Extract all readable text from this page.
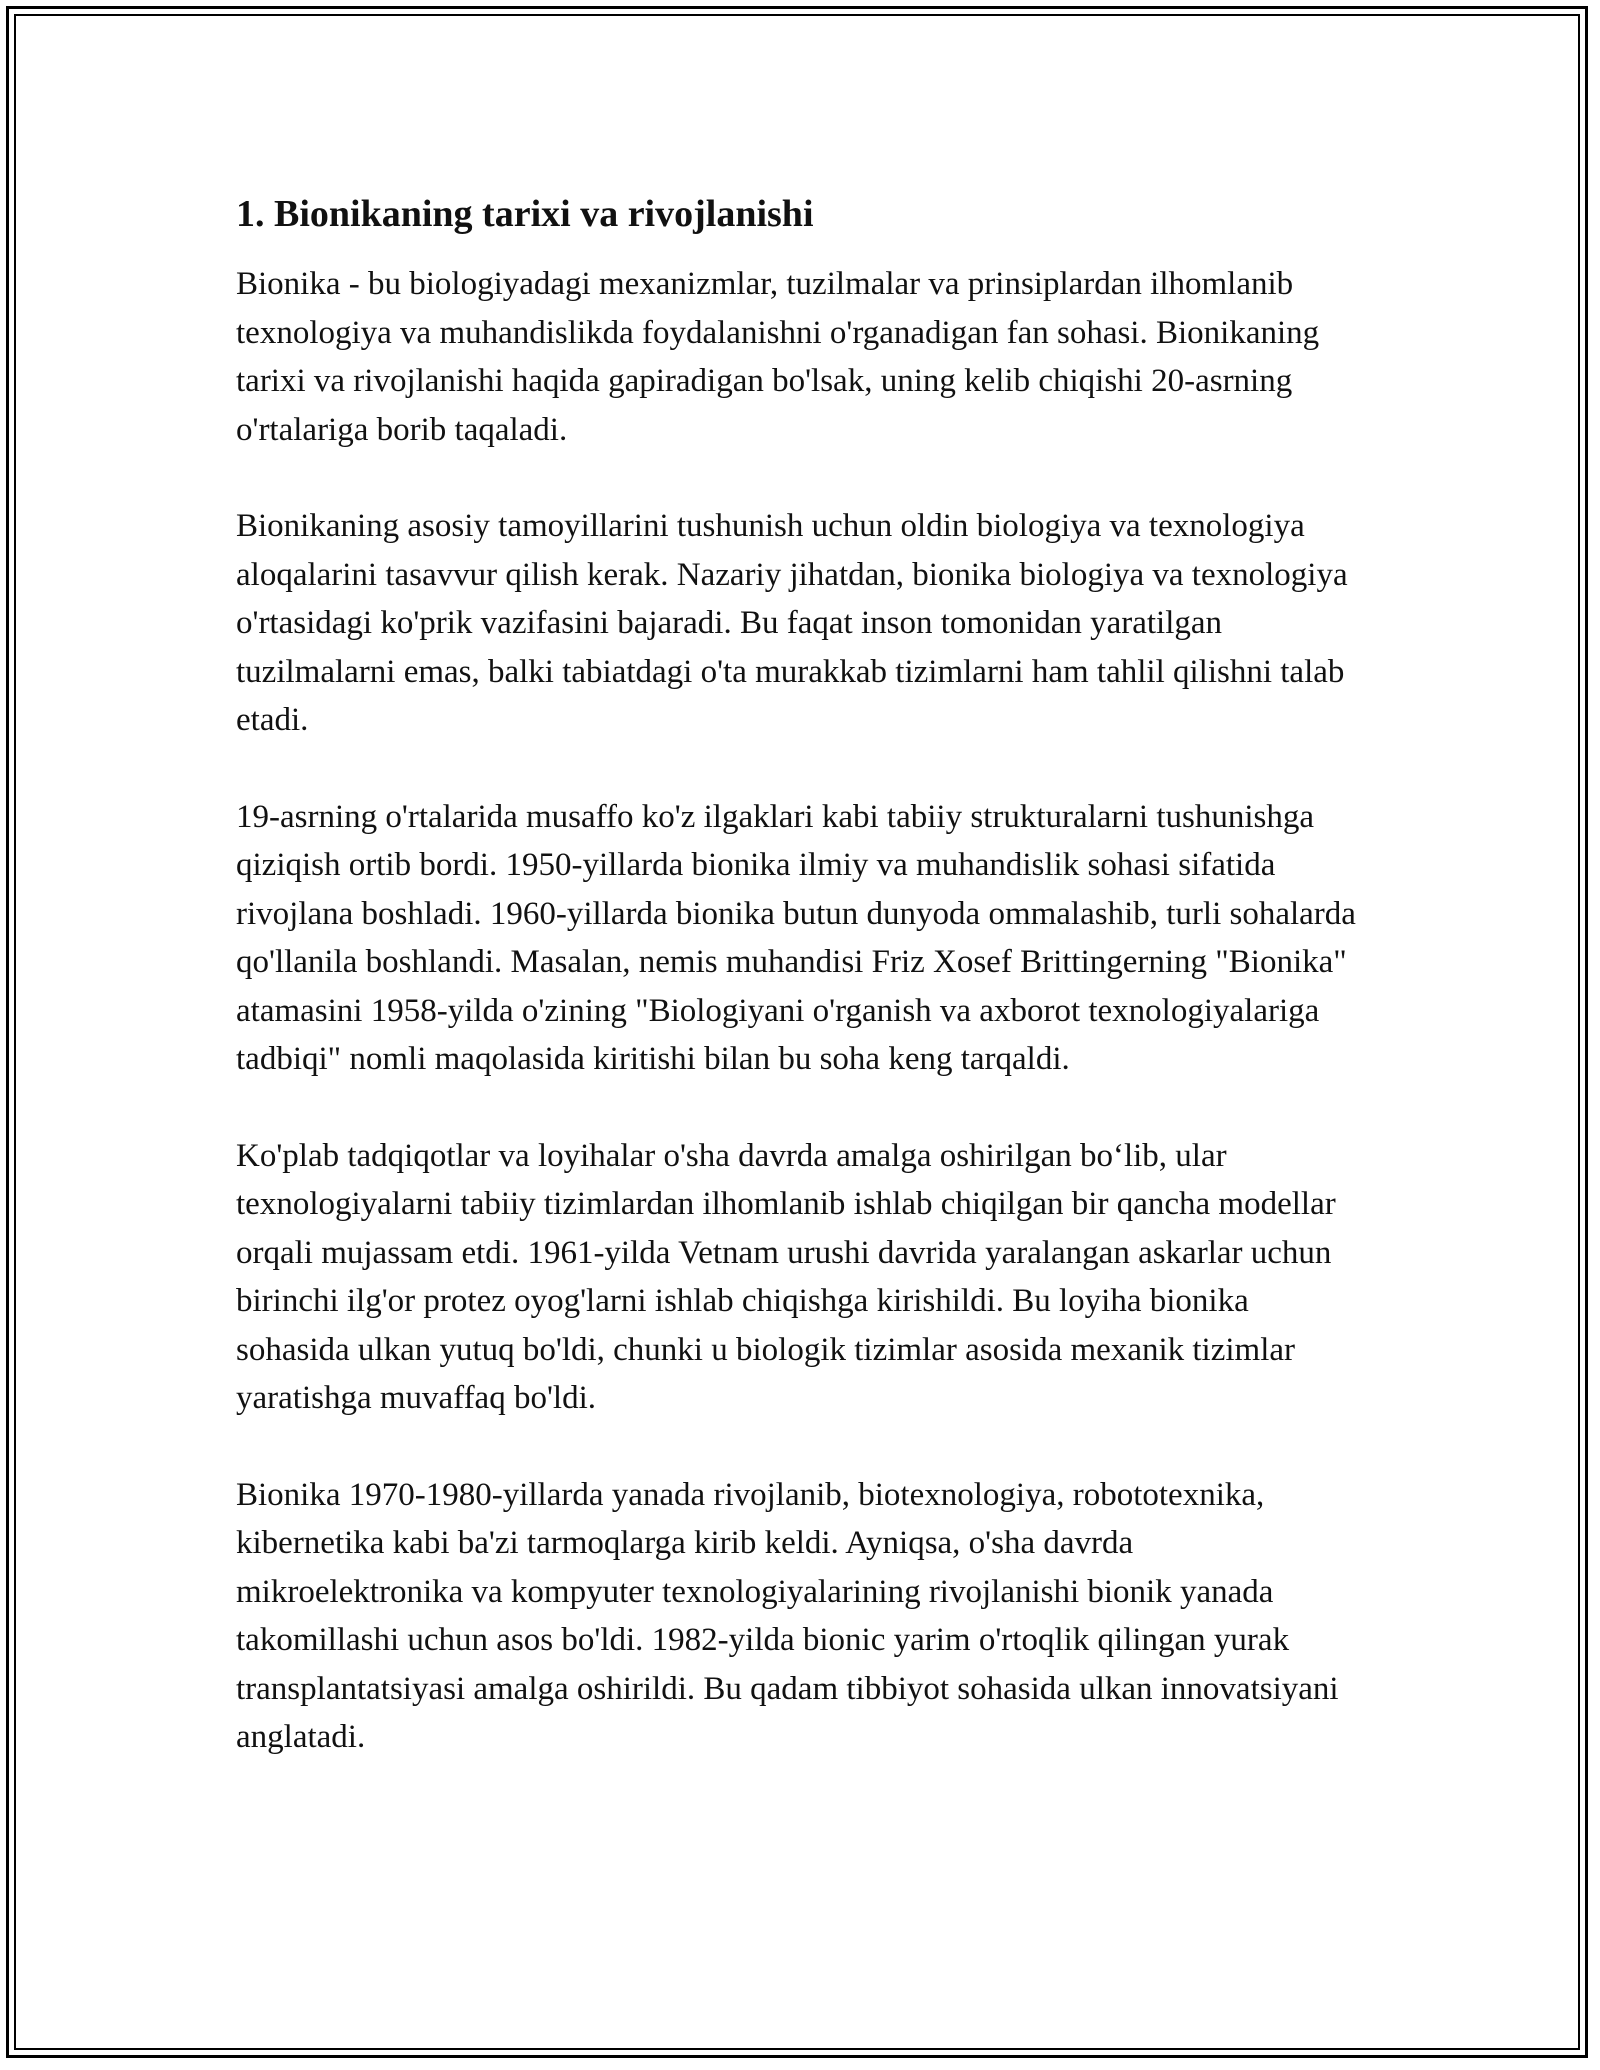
1. Bionikaning tarixi va rivojlanishi

Bionika - bu biologiyadagi mexanizmlar, tuzilmalar va prinsiplardan ilhomlanib texnologiya va muhandislikda foydalanishni o'rganadigan fan sohasi. Bionikaning tarixi va rivojlanishi haqida gapiradigan bo'lsak, uning kelib chiqishi 20-asrning o'rtalariga borib taqaladi.

Bionikaning asosiy tamoyillarini tushunish uchun oldin biologiya va texnologiya aloqalarini tasavvur qilish kerak. Nazariy jihatdan, bionika biologiya va texnologiya o'rtasidagi ko'prik vazifasini bajaradi. Bu faqat inson tomonidan yaratilgan tuzilmalarni emas, balki tabiatdagi o'ta murakkab tizimlarni ham tahlil qilishni talab etadi.

19-asrning o'rtalarida musaffo ko'z ilgaklari kabi tabiiy strukturalarni tushunishga qiziqish ortib bordi. 1950-yillarda bionika ilmiy va muhandislik sohasi sifatida rivojlana boshladi. 1960-yillarda bionika butun dunyoda ommalashib, turli sohalarda qo'llanila boshlandi. Masalan, nemis muhandisi Friz Xosef Brittingerning "Bionika" atamasini 1958-yilda o'zining "Biologiyani o'rganish va axborot texnologiyalariga tadbiqi" nomli maqolasida kiritishi bilan bu soha keng tarqaldi.

Ko'plab tadqiqotlar va loyihalar o'sha davrda amalga oshirilgan bo‘lib, ular texnologiyalarni tabiiy tizimlardan ilhomlanib ishlab chiqilgan bir qancha modellar orqali mujassam etdi. 1961-yilda Vetnam urushi davrida yaralangan askarlar uchun birinchi ilg'or protez oyog'larni ishlab chiqishga kirishildi. Bu loyiha bionika sohasida ulkan yutuq bo'ldi, chunki u biologik tizimlar asosida mexanik tizimlar yaratishga muvaffaq bo'ldi.

Bionika 1970-1980-yillarda yanada rivojlanib, biotexnologiya, robototexnika, kibernetika kabi ba'zi tarmoqlarga kirib keldi. Ayniqsa, o'sha davrda mikroelektronika va kompyuter texnologiyalarining rivojlanishi bionik yanada takomillashi uchun asos bo'ldi. 1982-yilda bionic yarim o'rtoqlik qilingan yurak transplantatsiyasi amalga oshirildi. Bu qadam tibbiyot sohasida ulkan innovatsiyani anglatadi.
